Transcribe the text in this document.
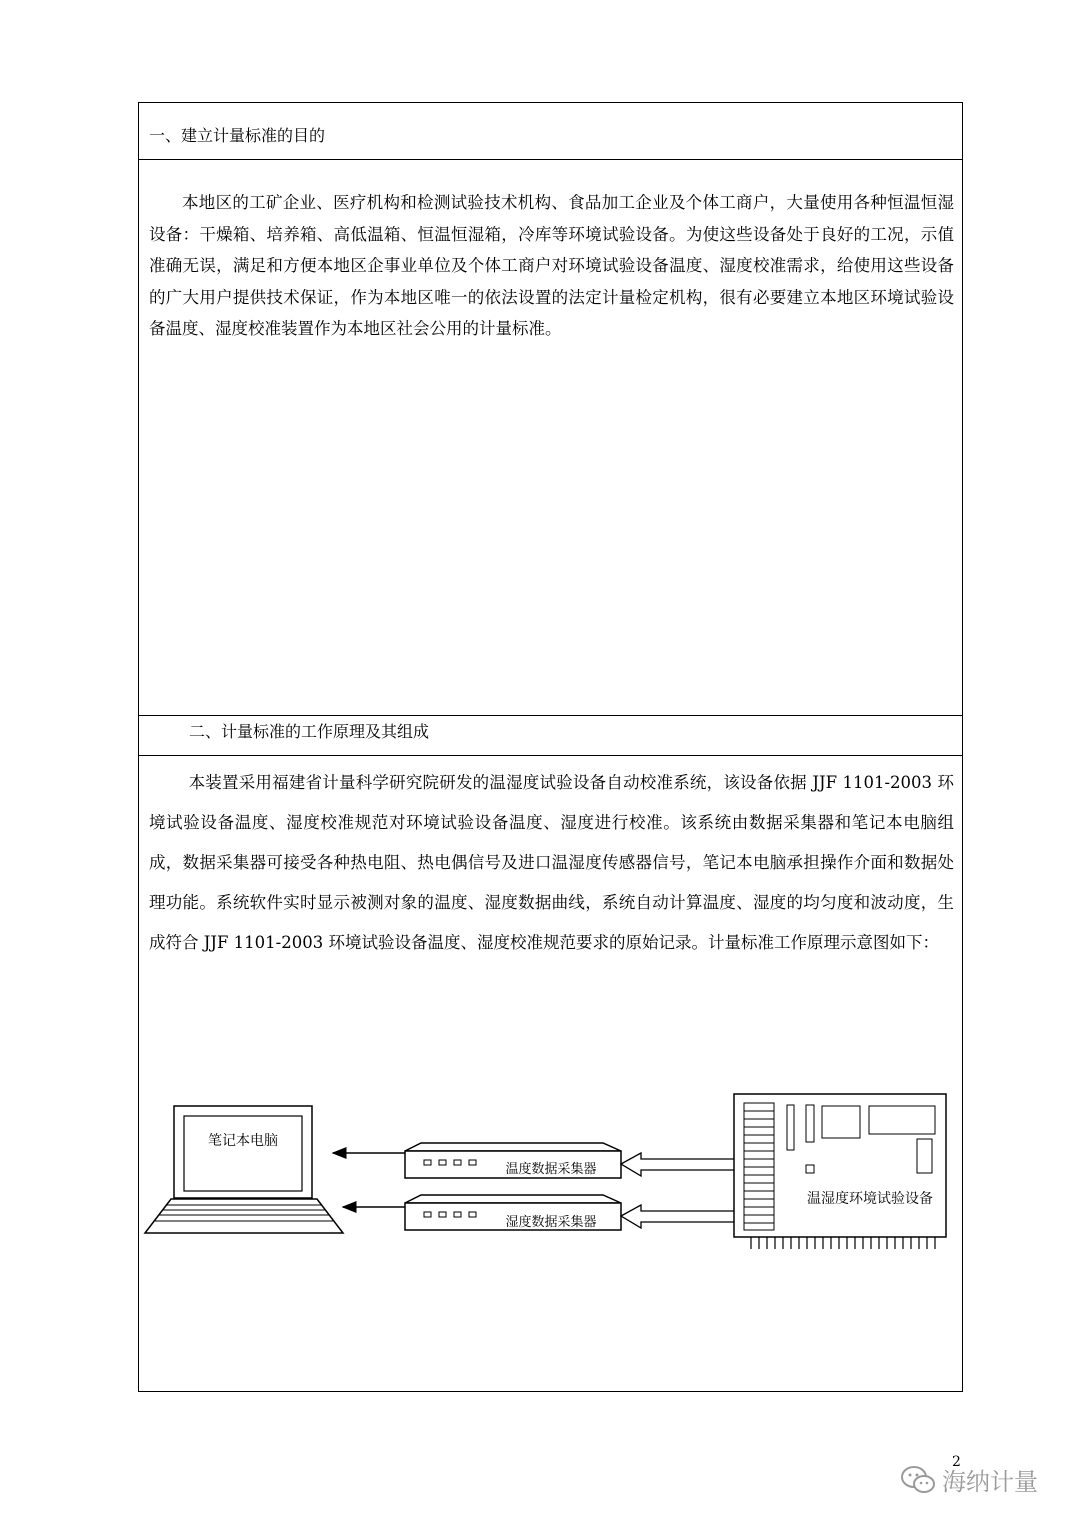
一、建立计量标准的目的
本地区的工矿企业、医疗机构和检测试验技术机构、食品加工企业及个体工商户，大量使用各种恒温恒湿设备：干燥箱、培养箱、高低温箱、恒温恒湿箱，冷库等环境试验设备。为使这些设备处于良好的工况，示值准确无误，满足和方便本地区企事业单位及个体工商户对环境试验设备温度、湿度校准需求，给使用这些设备的广大用户提供技术保证，作为本地区唯一的依法设置的法定计量检定机构，很有必要建立本地区环境试验设备温度、湿度校准装置作为本地区社会公用的计量标准。
二、计量标准的工作原理及其组成
本装置采用福建省计量科学研究院研发的温湿度试验设备自动校准系统，该设备依据 JJF 1101-2003 环境试验设备温度、湿度校准规范对环境试验设备温度、湿度进行校准。该系统由数据采集器和笔记本电脑组成，数据采集器可接受各种热电阻、热电偶信号及进口温湿度传感器信号，笔记本电脑承担操作介面和数据处理功能。系统软件实时显示被测对象的温度、湿度数据曲线，系统自动计算温度、湿度的均匀度和波动度，生成符合 JJF 1101-2003 环境试验设备温度、湿度校准规范要求的原始记录。计量标准工作原理示意图如下：
笔记本电脑
温度数据采集器
湿度数据采集器
温湿度环境试验设备
2
海纳计量
